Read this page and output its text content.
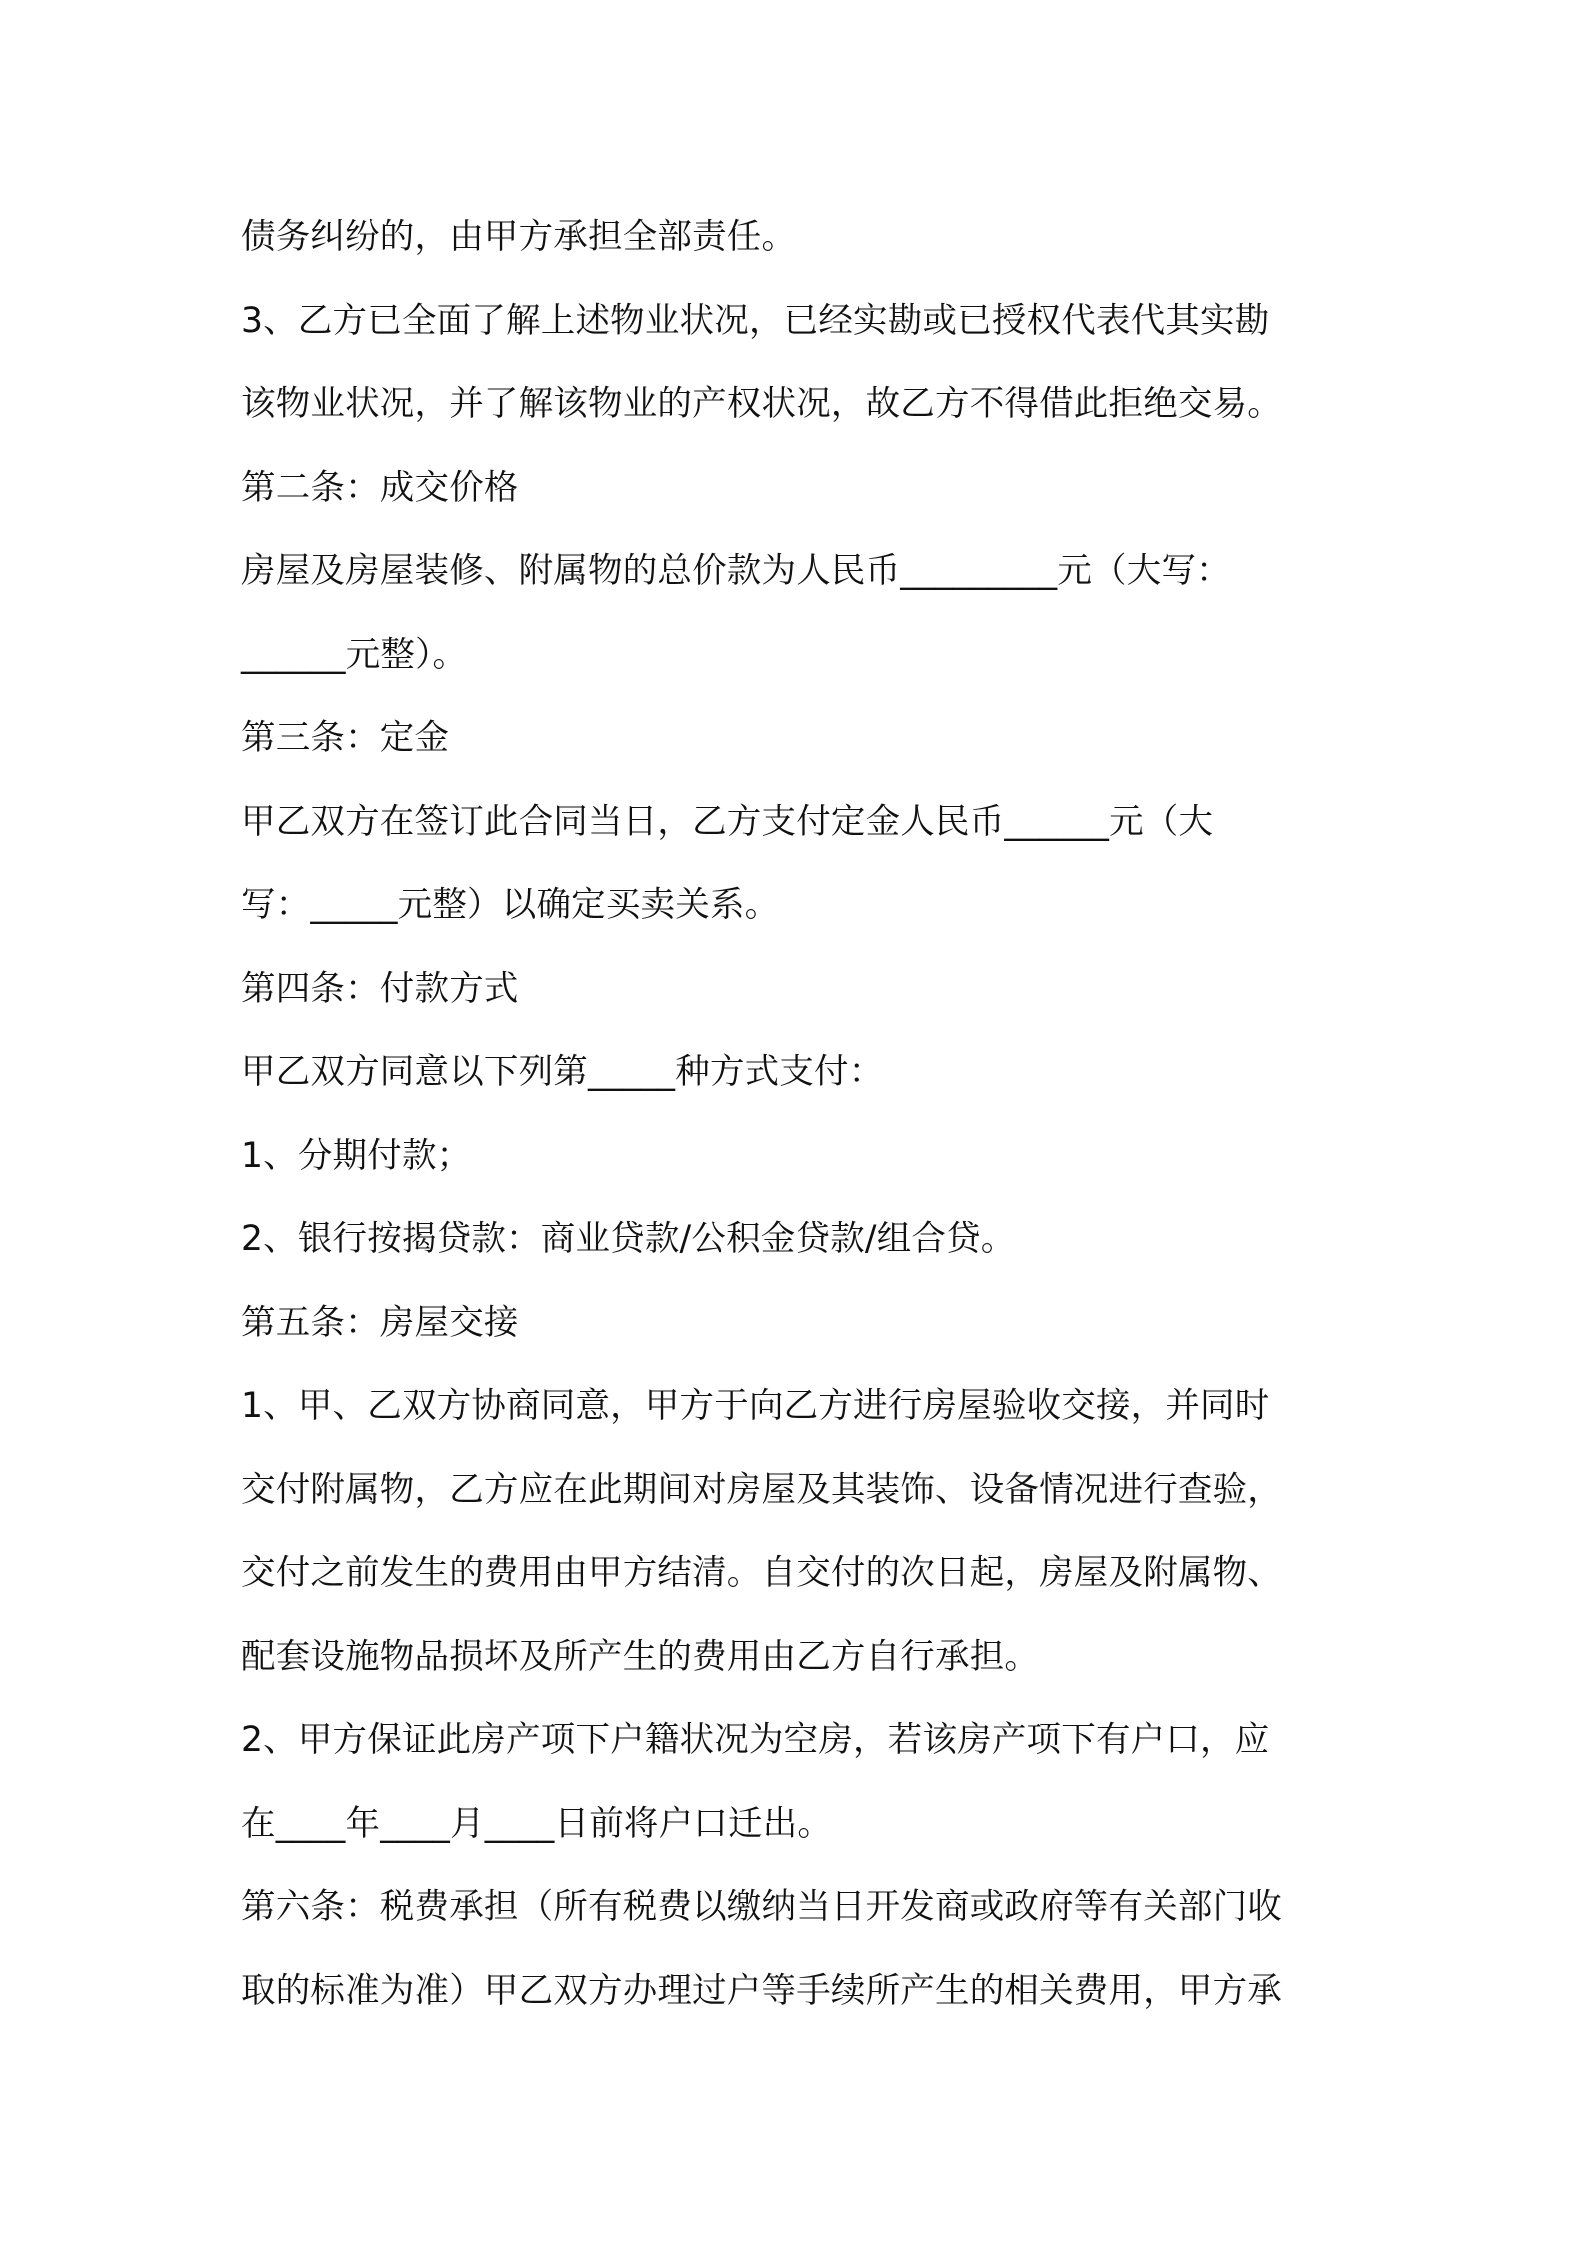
债务纠纷的，由甲方承担全部责任。
3、乙方已全面了解上述物业状况，已经实勘或已授权代表代其实勘
该物业状况，并了解该物业的产权状况，故乙方不得借此拒绝交易。
第二条：成交价格
房屋及房屋装修、附属物的总价款为人民币_________元（大写：
______元整）。
第三条：定金
甲乙双方在签订此合同当日，乙方支付定金人民币______元（大
写：_____元整）以确定买卖关系。
第四条：付款方式
甲乙双方同意以下列第_____种方式支付：
1、分期付款；
2、银行按揭贷款：商业贷款/公积金贷款/组合贷。
第五条：房屋交接
1、甲、乙双方协商同意，甲方于向乙方进行房屋验收交接，并同时
交付附属物，乙方应在此期间对房屋及其装饰、设备情况进行查验，
交付之前发生的费用由甲方结清。自交付的次日起，房屋及附属物、
配套设施物品损坏及所产生的费用由乙方自行承担。
2、甲方保证此房产项下户籍状况为空房，若该房产项下有户口，应
在____年____月____日前将户口迁出。
第六条：税费承担（所有税费以缴纳当日开发商或政府等有关部门收
取的标准为准）甲乙双方办理过户等手续所产生的相关费用，甲方承
